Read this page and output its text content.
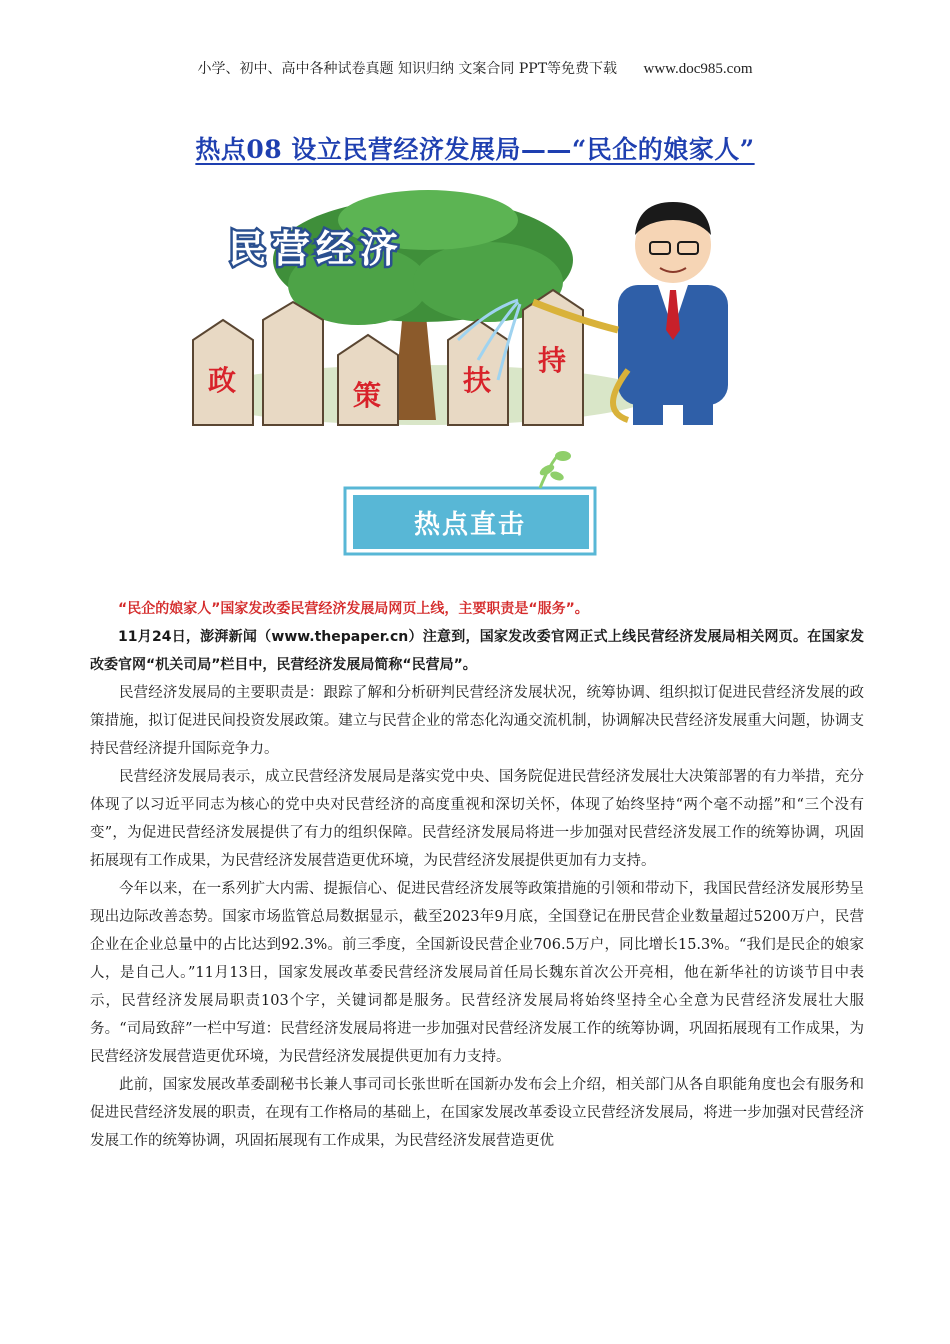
小学、初中、高中各种试卷真题 知识归纳 文案合同 PPT等免费下载 www.doc985.com
热点08 设立民营经济发展局——“民企的娘家人”
民营经济
政	策	扶
持
热点直击

“民企的娘家人”国家发改委民营经济发展局网页上线，主要职责是“服务”。

11月24日，澎湃新闻（www.thepaper.cn）注意到，国家发改委官网正式上线民营经济发展局相关网页。在国家发改委官网“机关司局”栏目中，民营经济发展局简称“民营局”。

民营经济发展局的主要职责是：跟踪了解和分析研判民营经济发展状况，统筹协调、组织拟订促进民营经济发展的政策措施，拟订促进民间投资发展政策。建立与民营企业的常态化沟通交流机制，协调解决民营经济发展重大问题，协调支持民营经济提升国际竞争力。

民营经济发展局表示，成立民营经济发展局是落实党中央、国务院促进民营经济发展壮大决策部署的有力举措，充分体现了以习近平同志为核心的党中央对民营经济的高度重视和深切关怀，体现了始终坚持“两个毫不动摇”和“三个没有变”，为促进民营经济发展提供了有力的组织保障。民营经济发展局将进一步加强对民营经济发展工作的统筹协调，巩固拓展现有工作成果，为民营经济发展营造更优环境，为民营经济发展提供更加有力支持。

今年以来，在一系列扩大内需、提振信心、促进民营经济发展等政策措施的引领和带动下，我国民营经济发展形势呈现出边际改善态势。国家市场监管总局数据显示，截至2023年9月底，全国登记在册民营企业数量超过5200万户，民营企业在企业总量中的占比达到92.3%。前三季度，全国新设民营企业706.5万户，同比增长15.3%。“我们是民企的娘家人，是自己人。”11月13日，国家发展改革委民营经济发展局首任局长魏东首次公开亮相，他在新华社的访谈节目中表示，民营经济发展局职责103个字，关键词都是服务。民营经济发展局将始终坚持全心全意为民营经济发展壮大服务。“司局致辞”一栏中写道：民营经济发展局将进一步加强对民营经济发展工作的统筹协调，巩固拓展现有工作成果，为民营经济发展营造更优环境，为民营经济发展提供更加有力支持。

此前，国家发展改革委副秘书长兼人事司司长张世昕在国新办发布会上介绍，相关部门从各自职能角度也会有服务和促进民营经济发展的职责，在现有工作格局的基础上，在国家发展改革委设立民营经济发展局，将进一步加强对民营经济发展工作的统筹协调，巩固拓展现有工作成果，为民营经济发展营造更优
